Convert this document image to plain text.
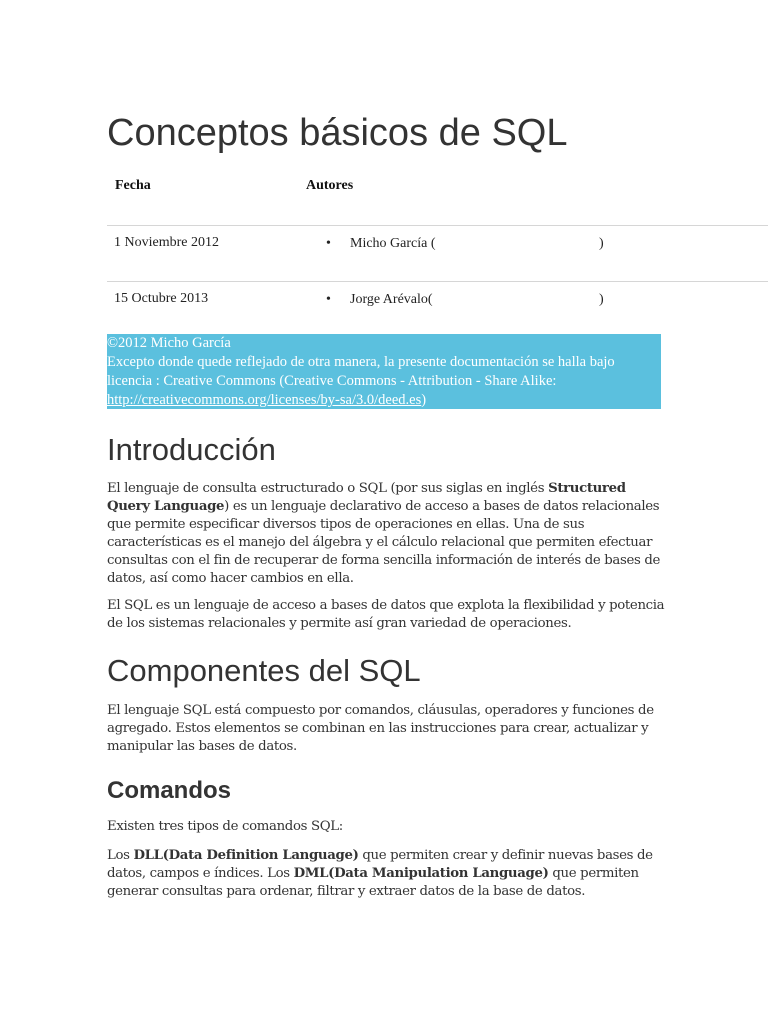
Conceptos básicos de SQL
Fecha	Autores
1 Noviembre 2012	• Micho García (	)
15 Octubre 2013	• Jorge Arévalo(	)
©2012 Micho García
Excepto donde quede reflejado de otra manera, la presente documentación se halla bajo licencia : Creative Commons (Creative Commons - Attribution - Share Alike: http://creativecommons.org/licenses/by-sa/3.0/deed.es)
Introducción

El lenguaje de consulta estructurado o SQL (por sus siglas en inglés Structured Query Language) es un lenguaje declarativo de acceso a bases de datos relacionales que permite especificar diversos tipos de operaciones en ellas. Una de sus características es el manejo del álgebra y el cálculo relacional que permiten efectuar consultas con el fin de recuperar de forma sencilla información de interés de bases de datos, así como hacer cambios en ella.

El SQL es un lenguaje de acceso a bases de datos que explota la flexibilidad y potencia de los sistemas relacionales y permite así gran variedad de operaciones.

Componentes del SQL

El lenguaje SQL está compuesto por comandos, cláusulas, operadores y funciones de agregado. Estos elementos se combinan en las instrucciones para crear, actualizar y manipular las bases de datos.

Comandos

Existen tres tipos de comandos SQL:

Los DLL(Data Definition Language) que permiten crear y definir nuevas bases de datos, campos e índices. Los DML(Data Manipulation Language) que permiten generar consultas para ordenar, filtrar y extraer datos de la base de datos.
